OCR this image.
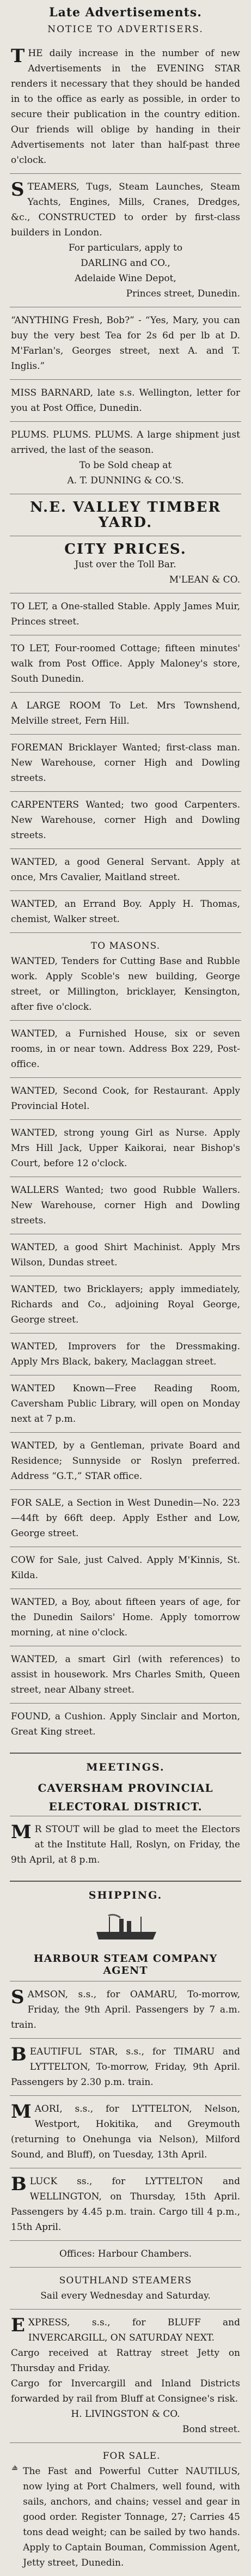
Late Advertisements.
NOTICE TO ADVERTISERS.

THE daily increase in the number of new Advertisements in the EVENING STAR renders it necessary that they should be handed in to the office as early as possible, in order to secure their publication in the country edition. Our friends will oblige by handing in their Advertisements not later than half-past three o'clock.

STEAMERS, Tugs, Steam Launches, Steam Yachts, Engines, Mills, Cranes, Dredges, &c., CONSTRUCTED to order by first-class builders in London.
For particulars, apply to
DARLING and CO.,
Adelaide Wine Depot,
Princes street, Dunedin.
“ANYTHING Fresh, Bob?” - “Yes, Mary, you can buy the very best Tea for 2s 6d per lb at D. M'Farlan's, Georges street, next A. and T. Inglis.”
MISS BARNARD, late s.s. Wellington, letter for you at Post Office, Dunedin.
PLUMS. PLUMS. PLUMS. A large shipment just arrived, the last of the season.
To be Sold cheap at
A. T. DUNNING & CO.'S.
N.E. VALLEY TIMBER YARD.
CITY PRICES.
Just over the Toll Bar.
M'LEAN & CO.
TO LET, a One-stalled Stable. Apply James Muir, Princes street.
TO LET, Four-roomed Cottage; fifteen minutes' walk from Post Office. Apply Maloney's store, South Dunedin.
A LARGE ROOM To Let. Mrs Townshend, Melville street, Fern Hill.
FOREMAN Bricklayer Wanted; first-class man. New Warehouse, corner High and Dowling streets.
CARPENTERS Wanted; two good Carpenters. New Warehouse, corner High and Dowling streets.
WANTED, a good General Servant. Apply at once, Mrs Cavalier, Maitland street.
WANTED, an Errand Boy. Apply H. Thomas, chemist, Walker street.
TO MASONS.
WANTED, Tenders for Cutting Base and Rubble work. Apply Scoble's new building, George street, or Millington, bricklayer, Kensington, after five o'clock.
WANTED, a Furnished House, six or seven rooms, in or near town. Address Box 229, Post-office.
WANTED, Second Cook, for Restaurant. Apply Provincial Hotel.
WANTED, strong young Girl as Nurse. Apply Mrs Hill Jack, Upper Kaikorai, near Bishop's Court, before 12 o'clock.
WALLERS Wanted; two good Rubble Wallers. New Warehouse, corner High and Dowling streets.
WANTED, a good Shirt Machinist. Apply Mrs Wilson, Dundas street.
WANTED, two Bricklayers; apply immediately, Richards and Co., adjoining Royal George, George street.
WANTED, Improvers for the Dressmaking. Apply Mrs Black, bakery, Maclaggan street.
WANTED Known—Free Reading Room, Caversham Public Library, will open on Monday next at 7 p.m.
WANTED, by a Gentleman, private Board and Residence; Sunnyside or Roslyn preferred. Address “G.T.,” STAR office.
FOR SALE, a Section in West Dunedin—No. 223—44ft by 66ft deep. Apply Esther and Low, George street.
COW for Sale, just Calved. Apply M'Kinnis, St. Kilda.
WANTED, a Boy, about fifteen years of age, for the Dunedin Sailors' Home. Apply tomorrow morning, at nine o'clock.
WANTED, a smart Girl (with references) to assist in housework. Mrs Charles Smith, Queen street, near Albany street.
FOUND, a Cushion. Apply Sinclair and Morton, Great King street.
MEETINGS.
CAVERSHAM PROVINCIAL ELECTORAL DISTRICT.

M R STOUT will be glad to meet the Electors at the Institute Hall, Roslyn, on Friday, the 9th April, at 8 p.m.

SHIPPING.
HARBOUR STEAM COMPANY AGENT

SAMSON, s.s., for OAMARU, To-morrow, Friday, the 9th April. Passengers by 7 a.m. train.

BEAUTIFUL STAR, s.s., for TIMARU and LYTTELTON, To-morrow, Friday, 9th April. Passengers by 2.30 p.m. train.

MAORI, s.s., for LYTTELTON, Nelson, Westport, Hokitika, and Greymouth (returning to Onehunga via Nelson), Milford Sound, and Bluff), on Tuesday, 13th April.

BLUCK ss., for LYTTELTON and WELLINGTON, on Thursday, 15th April. Passengers by 4.45 p.m. train. Cargo till 4 p.m., 15th April.

Offices: Harbour Chambers.
SOUTHLAND STEAMERS
Sail every Wednesday and Saturday.
EXPRESS, s.s., for BLUFF and INVERCARGILL, ON SATURDAY NEXT.
Cargo received at Rattray street Jetty on Thursday and Friday.
Cargo for Invercargill and Inland Districts forwarded by rail from Bluff at Consignee's risk.
H. LIVINGSTON & CO.
Bond street.
FOR SALE.
The Fast and Powerful Cutter NAUTILUS, now lying at Port Chalmers, well found, with sails, anchors, and chains; vessel and gear in good order. Register Tonnage, 27; Carries 45 tons dead weight; can be sailed by two hands. Apply to Captain Bouman, Commission Agent, Jetty street, Dunedin.
